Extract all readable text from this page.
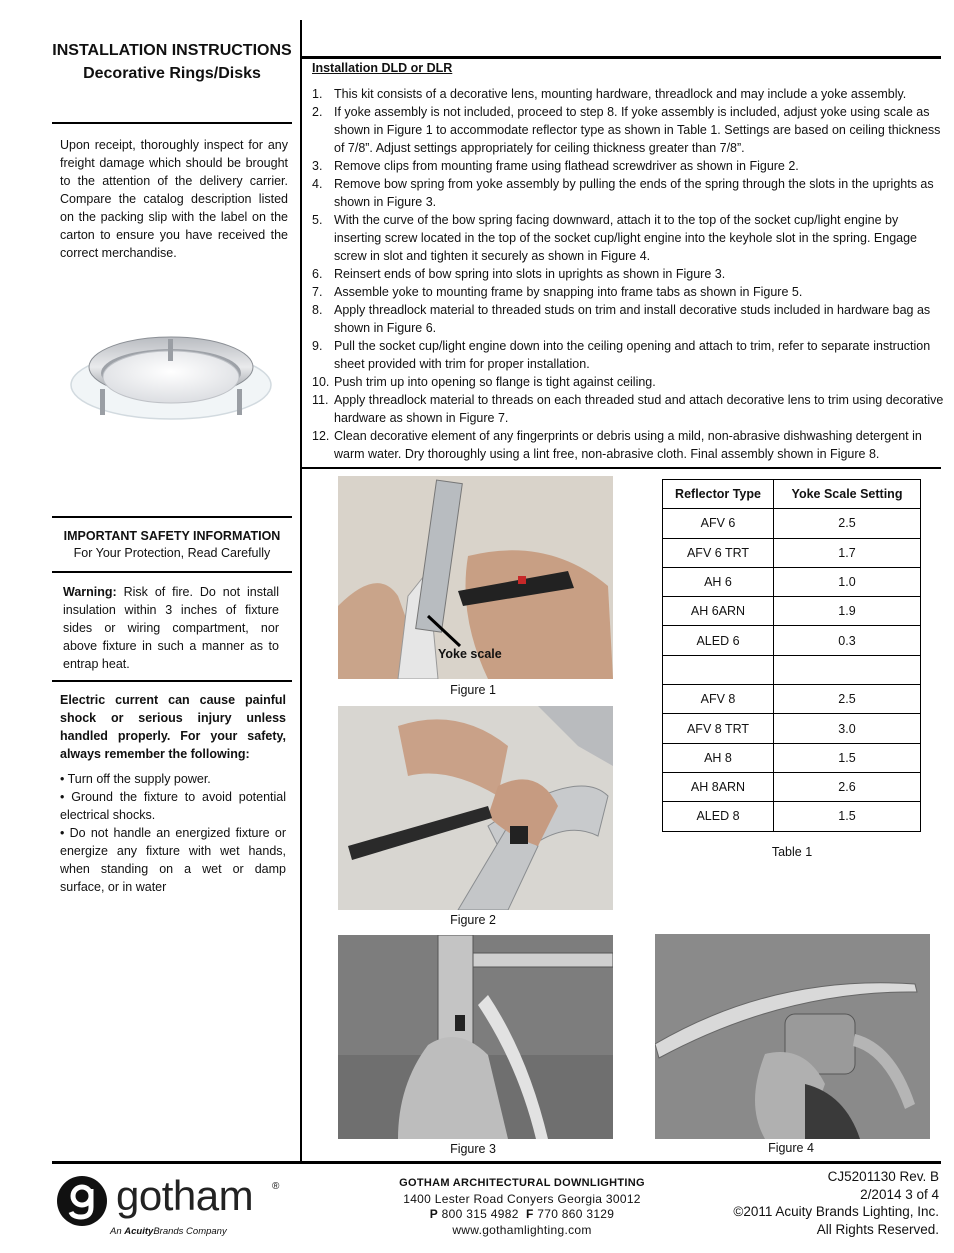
INSTALLATION INSTRUCTIONS
Decorative Rings/Disks
Upon receipt, thoroughly inspect for any freight damage which should be brought to the attention of the delivery carrier. Compare the catalog description listed on the packing slip with the label on the carton to ensure you have received the correct merchandise.
IMPORTANT SAFETY INFORMATION
For Your Protection, Read Carefully
Warning: Risk of fire. Do not install insulation within 3 inches of fixture sides or wiring compartment, nor above fixture in such a manner as to entrap heat.
Electric current can cause painful shock or serious injury unless handled properly. For your safety, always remember the following:
• Turn off the supply power.
• Ground the fixture to avoid potential electrical shocks.
• Do not handle an energized fixture or energize any fixture with wet hands, when standing on a wet or damp surface, or in water
Installation DLD or DLR
1. This kit consists of a decorative lens, mounting hardware, threadlock and may include a yoke assembly.
2. If yoke assembly is not included, proceed to step 8. If yoke assembly is included, adjust yoke using scale as shown in Figure 1 to accommodate reflector type as shown in Table 1. Settings are based on ceiling thickness of 7/8”. Adjust settings appropriately for ceiling thickness greater than 7/8”.
3. Remove clips from mounting frame using flathead screwdriver as shown in Figure 2.
4. Remove bow spring from yoke assembly by pulling the ends of the spring through the slots in the uprights as shown in Figure 3.
5. With the curve of the bow spring facing downward, attach it to the top of the socket cup/light engine by inserting screw located in the top of the socket cup/light engine into the keyhole slot in the spring. Engage screw in slot and tighten it securely as shown in Figure 4.
6. Reinsert ends of bow spring into slots in uprights as shown in Figure 3.
7. Assemble yoke to mounting frame by snapping into frame tabs as shown in Figure 5.
8. Apply threadlock material to threaded studs on trim and install decorative studs included in hardware bag as shown in Figure 6.
9. Pull the socket cup/light engine down into the ceiling opening and attach to trim, refer to separate instruction sheet provided with trim for proper installation.
10. Push trim up into opening so flange is tight against ceiling.
11. Apply threadlock material to threads on each threaded stud and attach decorative lens to trim using decorative hardware as shown in Figure 7.
12. Clean decorative element of any fingerprints or debris using a mild, non-abrasive dishwashing detergent in warm water. Dry thoroughly using a lint free, non-abrasive cloth. Final assembly shown in Figure 8.
Yoke scale
Figure 1
Figure 2
Figure 3	Figure 4
Reflector Type	Yoke Scale Setting
AFV 6	2.5
AFV 6 TRT	1.7
AH 6	1.0
AH 6ARN	1.9
ALED 6	0.3

AFV 8	2.5
AFV 8 TRT	3.0
AH 8	1.5
AH 8ARN	2.6
ALED 8	1.5
Table 1
gotham ®
An AcuityBrands Company
GOTHAM ARCHITECTURAL DOWNLIGHTING
1400 Lester Road Conyers Georgia 30012
P 800 315 4982 F 770 860 3129
www.gothamlighting.com
CJ5201130 Rev. B
2/2014 3 of 4
©2011 Acuity Brands Lighting, Inc.
All Rights Reserved.
